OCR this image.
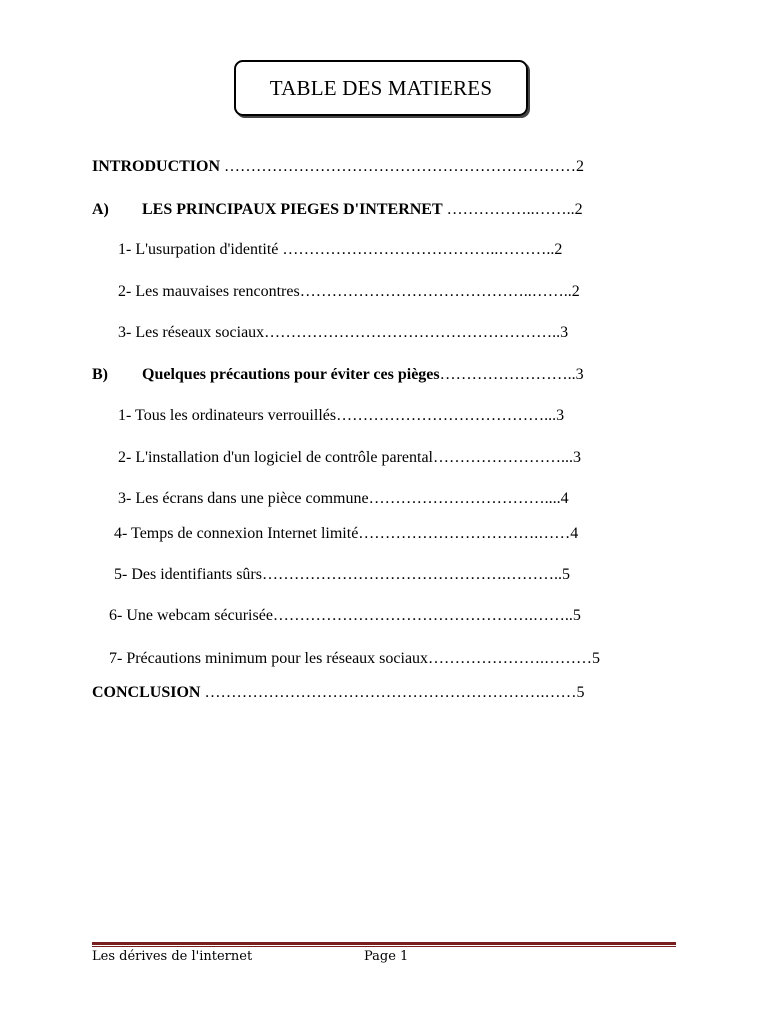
TABLE DES MATIERES
INTRODUCTION …………………………………………………………2
A) LES PRINCIPAUX PIEGES D'INTERNET ……………..……..2
1- L'usurpation d'identité …………………………………..………..2
2- Les mauvaises rencontres……………………………………..……..2
3- Les réseaux sociaux………………………………………………..3
B) Quelques précautions pour éviter ces pièges……………………..3
1- Tous les ordinateurs verrouillés…………………………………...3
2- L'installation d'un logiciel de contrôle parental……………………...3
3- Les écrans dans une pièce commune……………………………....4
4- Temps de connexion Internet limité…………………………….……4
5- Des identifiants sûrs……………………………………….………..5
6- Une webcam sécurisée………………………………………….……..5
7- Précautions minimum pour les réseaux sociaux………………….………5
CONCLUSION ……………………………………………………….……5
Les dérives de l'internet	Page 1
